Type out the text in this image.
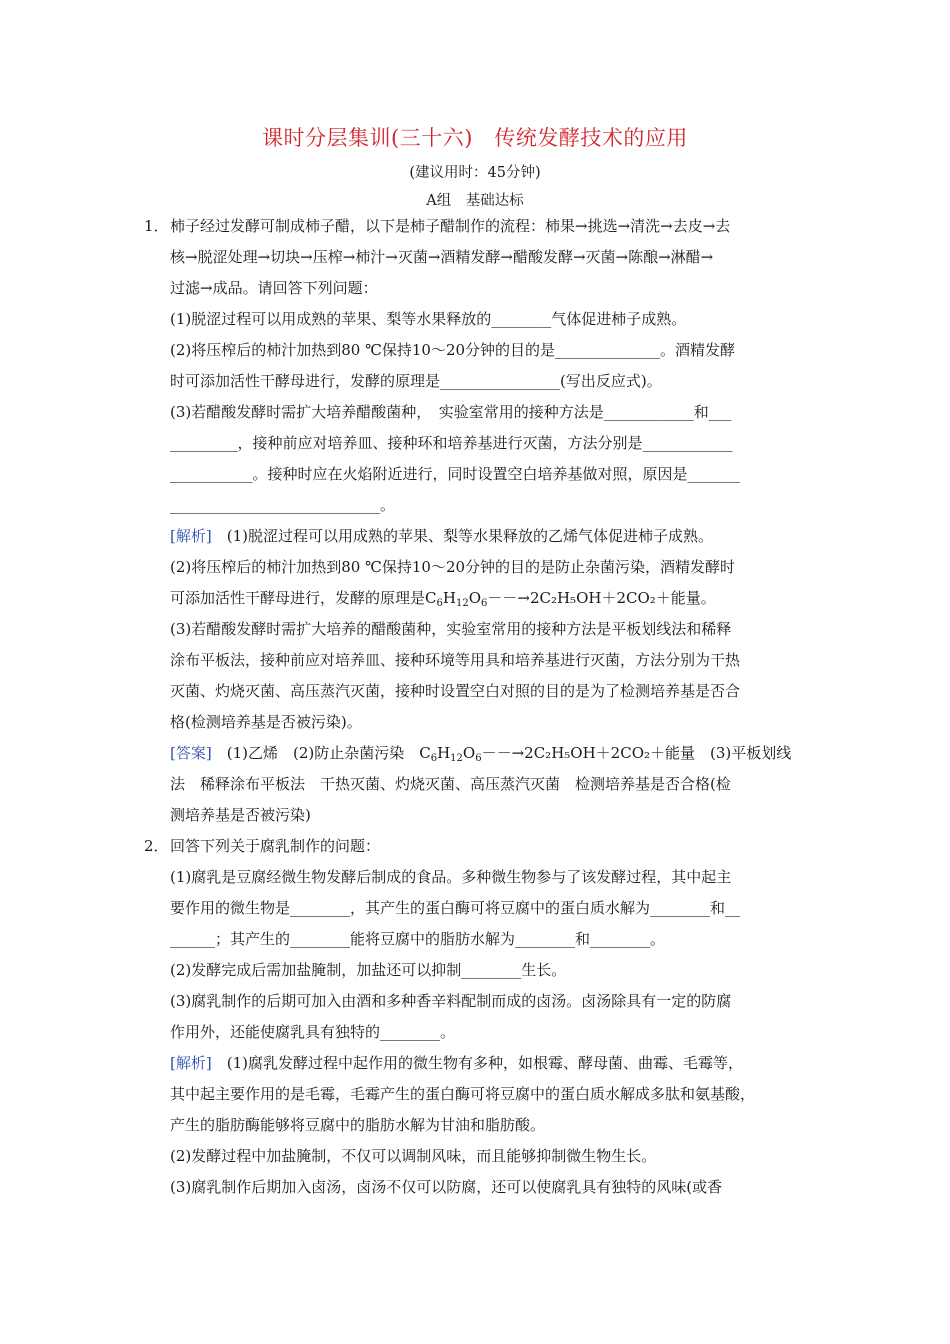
课时分层集训(三十六)　传统发酵技术的应用
(建议用时：45分钟)
A组　基础达标
1． 柿子经过发酵可制成柿子醋，以下是柿子醋制作的流程：柿果→挑选→清洗→去皮→去
核→脱涩处理→切块→压榨→柿汁→灭菌→酒精发酵→醋酸发酵→灭菌→陈酿→淋醋→
过滤→成品。请回答下列问题：
(1)脱涩过程可以用成熟的苹果、梨等水果释放的________气体促进柿子成熟。
(2)将压榨后的柿汁加热到80 ℃保持10～20分钟的目的是______________。酒精发酵
时可添加活性干酵母进行，发酵的原理是________________(写出反应式)。
(3)若醋酸发酵时需扩大培养醋酸菌种，　实验室常用的接种方法是____________和___
_________，接种前应对培养皿、接种环和培养基进行灭菌，方法分别是____________
___________。接种时应在火焰附近进行，同时设置空白培养基做对照，原因是_______
____________________________。
[解析]　(1)脱涩过程可以用成熟的苹果、梨等水果释放的乙烯气体促进柿子成熟。
(2)将压榨后的柿汁加热到80 ℃保持10～20分钟的目的是防止杂菌污染，酒精发酵时
可添加活性干酵母进行，发酵的原理是$C_6H_{12}O_6--\to 2C_2H_5OH+2CO_2+$能量。
(3)若醋酸发酵时需扩大培养的醋酸菌种，实验室常用的接种方法是平板划线法和稀释
涂布平板法，接种前应对培养皿、接种环境等用具和培养基进行灭菌，方法分别为干热
灭菌、灼烧灭菌、高压蒸汽灭菌，接种时设置空白对照的目的是为了检测培养基是否合
格(检测培养基是否被污染)。
[答案]　(1)乙烯　(2)防止杂菌污染　$C_6H_{12}O_6--\to 2C_2H_5OH+2CO_2+$能量　(3)平板划线
法　稀释涂布平板法　干热灭菌、灼烧灭菌、高压蒸汽灭菌　检测培养基是否合格(检
测培养基是否被污染)
2． 回答下列关于腐乳制作的问题：
(1)腐乳是豆腐经微生物发酵后制成的食品。多种微生物参与了该发酵过程，其中起主
要作用的微生物是________，其产生的蛋白酶可将豆腐中的蛋白质水解为________和__
______；其产生的________能将豆腐中的脂肪水解为________和________。
(2)发酵完成后需加盐腌制，加盐还可以抑制________生长。
(3)腐乳制作的后期可加入由酒和多种香辛料配制而成的卤汤。卤汤除具有一定的防腐
作用外，还能使腐乳具有独特的________。
[解析]　(1)腐乳发酵过程中起作用的微生物有多种，如根霉、酵母菌、曲霉、毛霉等，
其中起主要作用的是毛霉，毛霉产生的蛋白酶可将豆腐中的蛋白质水解成多肽和氨基酸，
产生的脂肪酶能够将豆腐中的脂肪水解为甘油和脂肪酸。
(2)发酵过程中加盐腌制，不仅可以调制风味，而且能够抑制微生物生长。
(3)腐乳制作后期加入卤汤，卤汤不仅可以防腐，还可以使腐乳具有独特的风味(或香
